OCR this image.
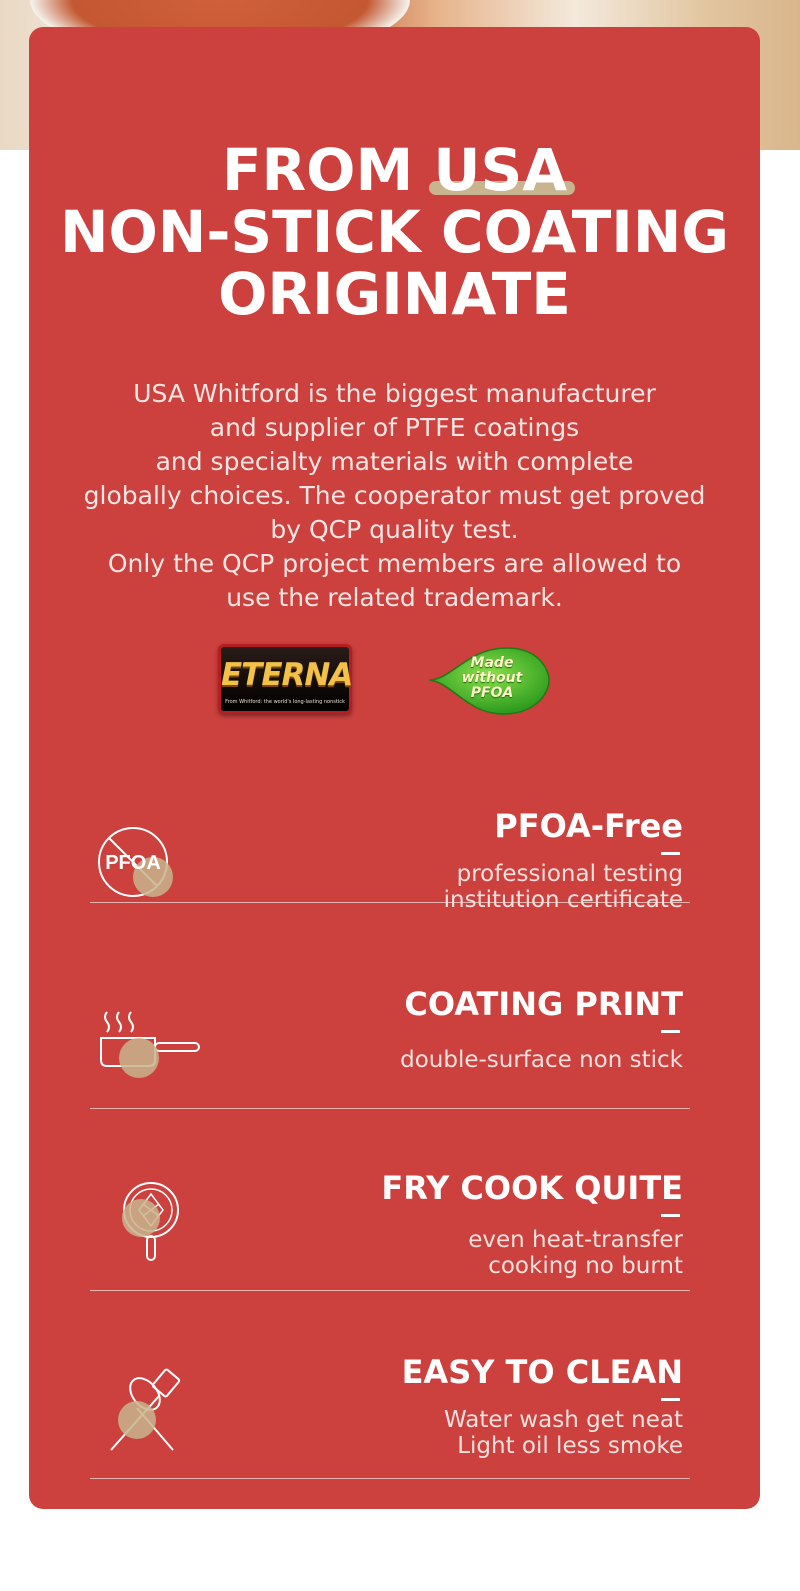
FROM USA
NON-STICK COATING
ORIGINATE

USA Whitford is the biggest manufacturer

and supplier of PTFE coatings

and specialty materials with complete

globally choices. The cooperator must get proved

by QCP quality test.

Only the QCP project members are allowed to

use the related trademark.

ETERNA
From Whitford: the world's long-lasting nonstick
Made
without
PFOA
PFOA
PFOA-Free

professional testing

institution certificate

COATING PRINT

double-surface non stick

FRY COOK QUITE

even heat-transfer

cooking no burnt

EASY TO CLEAN

Water wash get neat

Light oil less smoke
